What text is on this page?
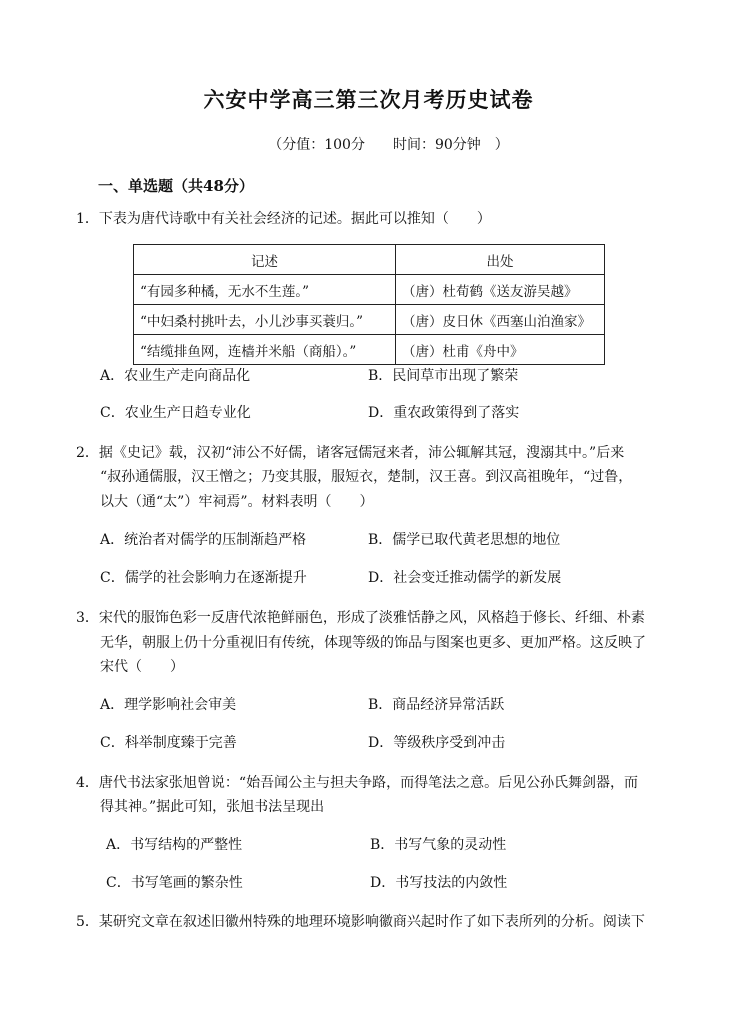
六安中学高三第三次月考历史试卷
（分值：100分　　时间：90分钟　）
一、单选题（共48分）
1．下表为唐代诗歌中有关社会经济的记述。据此可以推知（　　）
记述	出处
“有园多种橘，无水不生莲。”	（唐）杜荀鹤《送友游吴越》
“中妇桑村挑叶去，小儿沙事买蓑归。”	（唐）皮日休《西塞山泊渔家》
“结缆排鱼网，连樯并米船（商船）。”	（唐）杜甫《舟中》
A．农业生产走向商品化	B．民间草市出现了繁荣
C．农业生产日趋专业化	D．重农政策得到了落实
2．据《史记》载，汉初“沛公不好儒，诸客冠儒冠来者，沛公辄解其冠，溲溺其中。”后来
“叔孙通儒服，汉王憎之；乃变其服，服短衣，楚制，汉王喜。到汉高祖晚年，“过鲁，
以大（通“太”）牢祠焉”。材料表明（　　）
A．统治者对儒学的压制渐趋严格	B．儒学已取代黄老思想的地位
C．儒学的社会影响力在逐渐提升	D．社会变迁推动儒学的新发展
3．宋代的服饰色彩一反唐代浓艳鲜丽色，形成了淡雅恬静之风，风格趋于修长、纤细、朴素
无华，朝服上仍十分重视旧有传统，体现等级的饰品与图案也更多、更加严格。这反映了
宋代（　　）
A．理学影响社会审美	B．商品经济异常活跃
C．科举制度臻于完善	D．等级秩序受到冲击
4．唐代书法家张旭曾说：“始吾闻公主与担夫争路，而得笔法之意。后见公孙氏舞剑器，而
得其神。”据此可知，张旭书法呈现出
A．书写结构的严整性	B．书写气象的灵动性
C．书写笔画的繁杂性	D．书写技法的内敛性
5．某研究文章在叙述旧徽州特殊的地理环境影响徽商兴起时作了如下表所列的分析。阅读下
